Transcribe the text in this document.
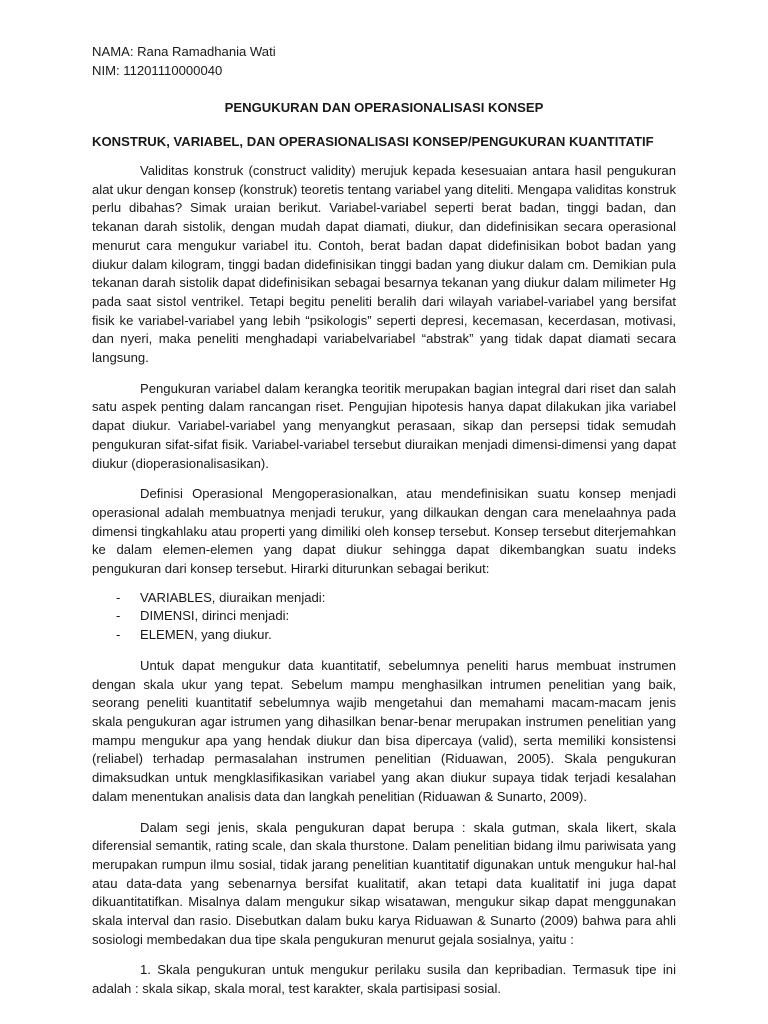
NAMA: Rana Ramadhania Wati

NIM: 11201110000040

PENGUKURAN DAN OPERASIONALISASI KONSEP

KONSTRUK, VARIABEL, DAN OPERASIONALISASI KONSEP/PENGUKURAN KUANTITATIF

Validitas konstruk (construct validity) merujuk kepada kesesuaian antara hasil pengukuran alat ukur dengan konsep (konstruk) teoretis tentang variabel yang diteliti. Mengapa validitas konstruk perlu dibahas? Simak uraian berikut. Variabel-variabel seperti berat badan, tinggi badan, dan tekanan darah sistolik, dengan mudah dapat diamati, diukur, dan didefinisikan secara operasional menurut cara mengukur variabel itu. Contoh, berat badan dapat didefinisikan bobot badan yang diukur dalam kilogram, tinggi badan didefinisikan tinggi badan yang diukur dalam cm. Demikian pula tekanan darah sistolik dapat didefinisikan sebagai besarnya tekanan yang diukur dalam milimeter Hg pada saat sistol ventrikel. Tetapi begitu peneliti beralih dari wilayah variabel-variabel yang bersifat fisik ke variabel-variabel yang lebih “psikologis” seperti depresi, kecemasan, kecerdasan, motivasi, dan nyeri, maka peneliti menghadapi variabelvariabel “abstrak” yang tidak dapat diamati secara langsung.

Pengukuran variabel dalam kerangka teoritik merupakan bagian integral dari riset dan salah satu aspek penting dalam rancangan riset. Pengujian hipotesis hanya dapat dilakukan jika variabel dapat diukur. Variabel-variabel yang menyangkut perasaan, sikap dan persepsi tidak semudah pengukuran sifat-sifat fisik. Variabel-variabel tersebut diuraikan menjadi dimensi-dimensi yang dapat diukur (dioperasionalisasikan).

Definisi Operasional Mengoperasionalkan, atau mendefinisikan suatu konsep menjadi operasional adalah membuatnya menjadi terukur, yang dilkaukan dengan cara menelaahnya pada dimensi tingkahlaku atau properti yang dimiliki oleh konsep tersebut. Konsep tersebut diterjemahkan ke dalam elemen-elemen yang dapat diukur sehingga dapat dikembangkan suatu indeks pengukuran dari konsep tersebut. Hirarki diturunkan sebagai berikut:

- VARIABLES, diuraikan menjadi:
- DIMENSI, dirinci menjadi:
- ELEMEN, yang diukur.

Untuk dapat mengukur data kuantitatif, sebelumnya peneliti harus membuat instrumen dengan skala ukur yang tepat. Sebelum mampu menghasilkan intrumen penelitian yang baik, seorang peneliti kuantitatif sebelumnya wajib mengetahui dan memahami macam-macam jenis skala pengukuran agar istrumen yang dihasilkan benar-benar merupakan instrumen penelitian yang mampu mengukur apa yang hendak diukur dan bisa dipercaya (valid), serta memiliki konsistensi (reliabel) terhadap permasalahan instrumen penelitian (Riduawan, 2005). Skala pengukuran dimaksudkan untuk mengklasifikasikan variabel yang akan diukur supaya tidak terjadi kesalahan dalam menentukan analisis data dan langkah penelitian (Riduawan & Sunarto, 2009).

Dalam segi jenis, skala pengukuran dapat berupa : skala gutman, skala likert, skala diferensial semantik, rating scale, dan skala thurstone. Dalam penelitian bidang ilmu pariwisata yang merupakan rumpun ilmu sosial, tidak jarang penelitian kuantitatif digunakan untuk mengukur hal-hal atau data-data yang sebenarnya bersifat kualitatif, akan tetapi data kualitatif ini juga dapat dikuantitatifkan. Misalnya dalam mengukur sikap wisatawan, mengukur sikap dapat menggunakan skala interval dan rasio. Disebutkan dalam buku karya Riduawan & Sunarto (2009) bahwa para ahli sosiologi membedakan dua tipe skala pengukuran menurut gejala sosialnya, yaitu :

1. Skala pengukuran untuk mengukur perilaku susila dan kepribadian. Termasuk tipe ini adalah : skala sikap, skala moral, test karakter, skala partisipasi sosial.
